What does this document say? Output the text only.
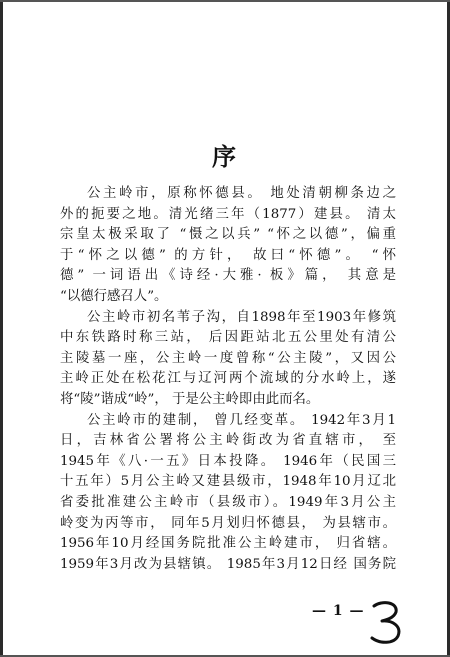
序
公主岭市，原称怀德县。 地处清朝柳条边之
外的扼要之地。清光绪三年（1877）建县。 清太
宗皇太极采取了 “慑之以兵” “怀之以德”，偏重
于“怀之以德” 的方针， 故曰“怀德”。 “怀
德” 一词语出《诗经·大雅· 板》篇， 其意是
“以德行感召人”。
公主岭市初名苇子沟，自1898年至1903年修筑
中东铁路时称三站， 后因距站北五公里处有清公
主陵墓一座，公主岭一度曾称“公主陵”，又因公
主岭正处在松花江与辽河两个流域的分水岭上，遂
将“陵”谐成“岭”， 于是公主岭即由此而名。
公主岭市的建制， 曾几经变革。 1942年3月1
日，吉林省公署将公主岭街改为省直辖市， 至
1945年《八·一五》日本投降。 1946年（民国三
十五年）5月公主岭又建县级市，1948年10月辽北
省委批准建公主岭市（县级市）。1949年3月公主
岭变为丙等市， 同年5月划归怀德县， 为县辖市。
1956年10月经国务院批准公主岭建市， 归省辖。
1959年3月改为县辖镇。 1985年3月12日经 国务院
— 1 —
